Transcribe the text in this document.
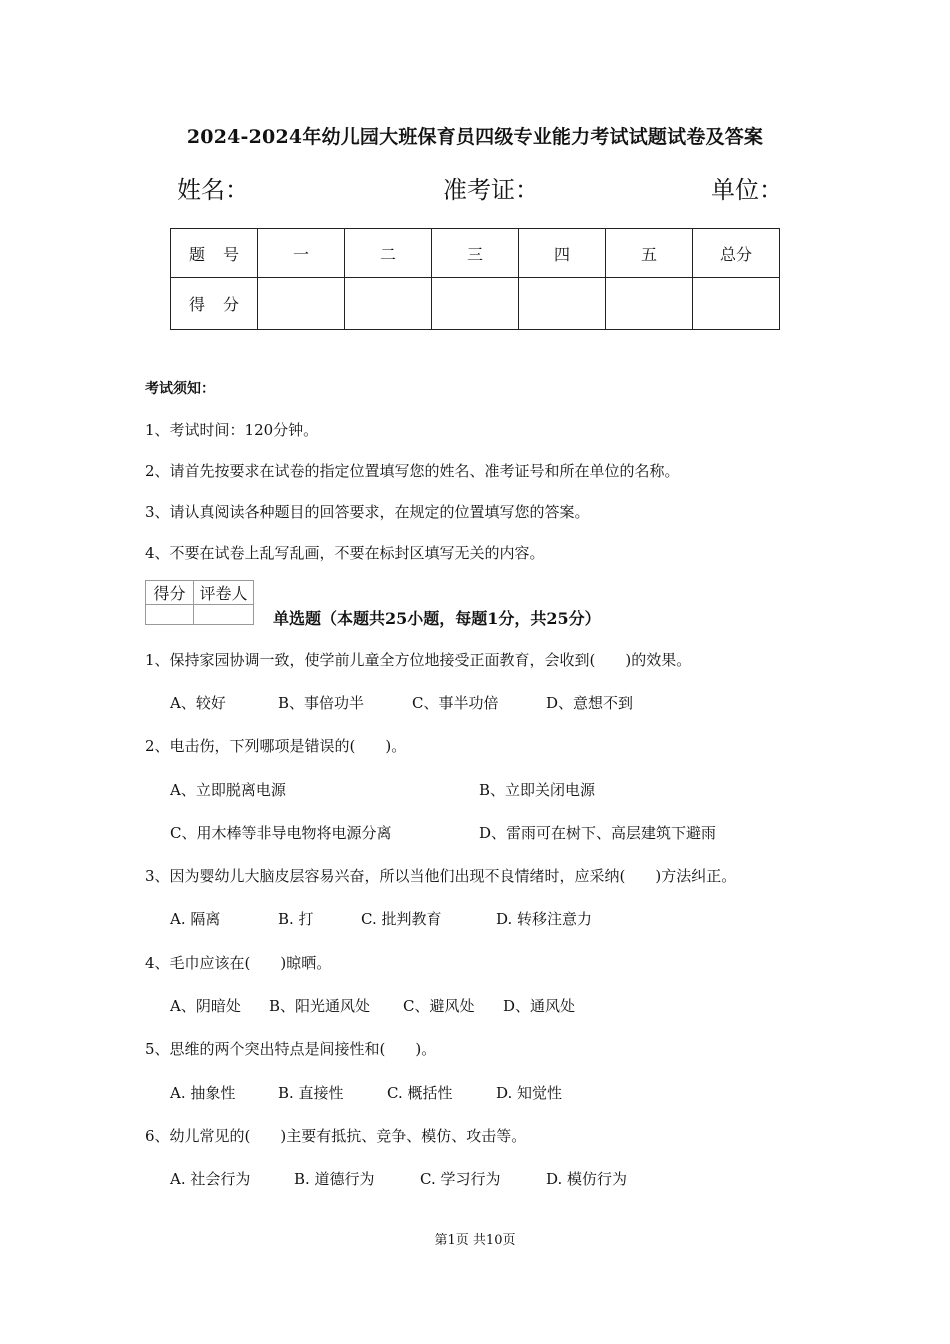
2024-2024年幼儿园大班保育员四级专业能力考试试题试卷及答案
姓名：	准考证：	单位：
题号	一	二	三	四	五	总分
得分						
考试须知：
1、考试时间：120分钟。
2、请首先按要求在试卷的指定位置填写您的姓名、准考证号和所在单位的名称。
3、请认真阅读各种题目的回答要求，在规定的位置填写您的答案。
4、不要在试卷上乱写乱画，不要在标封区填写无关的内容。
得分	评卷人

单选题（本题共25小题，每题1分，共25分）
1、保持家园协调一致，使学前儿童全方位地接受正面教育，会收到(　　)的效果。
A、较好	B、事倍功半	C、事半功倍	D、意想不到
2、电击伤，下列哪项是错误的(　　)。
A、立即脱离电源	B、立即关闭电源
C、用木棒等非导电物将电源分离	D、雷雨可在树下、高层建筑下避雨
3、因为婴幼儿大脑皮层容易兴奋，所以当他们出现不良情绪时，应采纳(　　)方法纠正。
A. 隔离	B. 打	C. 批判教育	D. 转移注意力
4、毛巾应该在(　　)晾晒。
A、阴暗处 B、阳光通风处 C、避风处 D、通风处
5、思维的两个突出特点是间接性和(　　)。
A. 抽象性	B. 直接性	C. 概括性	D. 知觉性
6、幼儿常见的(　　)主要有抵抗、竞争、模仿、攻击等。
A. 社会行为	B. 道德行为	C. 学习行为	D. 模仿行为
第1页 共10页
